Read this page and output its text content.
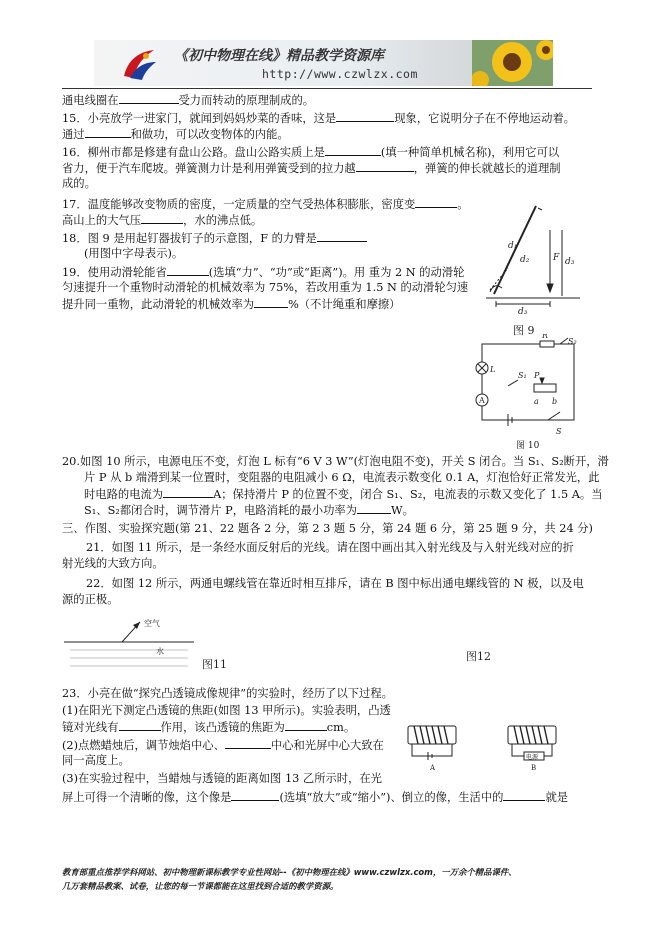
《初中物理在线》精品教学资源库
http://www.czwlzx.com
通电线圈在	受力而转动的原理制成的。
15．小亮放学一进家门，就闻到妈妈炒菜的香味，这是	现象，它说明分子在不停地运动着。
通过	和做功，可以改变物体的内能。
16．柳州市都是修建有盘山公路。盘山公路实质上是	(填一种简单机械名称)，利用它可以
省力，便于汽车爬坡。弹簧测力计是利用弹簧受到的拉力越	，弹簧的伸长就越长的道理制
成的。
17．温度能够改变物质的密度，一定质量的空气受热体积膨胀，密度变	。
高山上的大气压	，水的沸点低。
18．图 9 是用起钉器拔钉子的示意图，F 的力臂是
(用图中字母表示)。
19．使用动滑轮能省	(选填“力”、“功”或“距离”)。用 重为 2 N 的动滑轮
匀速提升一个重物时动滑轮的机械效率为 75%，若改用重为 1.5 N 的动滑轮匀速
提升同一重物，此动滑轮的机械效率为	%（不计绳重和摩擦）
d₁
d₂	F d₃
d₃
图 9 R
S₂
L
P
S₁
A	a b
S
图 10
20.如图 10 所示，电源电压不变，灯泡 L 标有“6 V 3 W”(灯泡电阻不变)，开关 S 闭合。当 S₁、S₂断开，滑
片 P 从 b 端滑到某一位置时，变阻器的电阻减小 6 Ω，电流表示数变化 0.1 A，灯泡恰好正常发光，此
时电路的电流为	A；保持滑片 P 的位置不变，闭合 S₁、S₂，电流表的示数又变化了 1.5 A。当
S₁、S₂都闭合时，调节滑片 P，电路消耗的最小功率为	W。
三、作图、实验探究题(第 21、22 题各 2 分，第 2 3 题 5 分，第 24 题 6 分，第 25 题 9 分，共 24 分)
21．如图 11 所示，是一条经水面反射后的光线。请在图中画出其入射光线及与入射光线对应的折
射光线的大致方向。
22．如图 12 所示，两通电螺线管在靠近时相互排斥，请在 B 图中标出通电螺线管的 N 极，以及电
源的正极。
空气
水
图11
图12
23．小亮在做“探究凸透镜成像规律”的实验时，经历了以下过程。
(1)在阳光下测定凸透镜的焦距(如图 13 甲所示)。实验表明，凸透
镜对光线有	作用，该凸透镜的焦距为	cm。
(2)点燃蜡烛后，调节烛焰中心、	中心和光屏中心大致在
同一高度上。
(3)在实验过程中，当蜡烛与透镜的距离如图 13 乙所示时，在光
屏上可得一个清晰的像，这个像是	(选填“放大”或“缩小”)、倒立的像，生活中的	就是
A	B
电源
教育部重点推荐学科网站、初中物理新课标教学专业性网站--《初中物理在线》www.czwlzx.com，一万余个精品课件、
几万套精品教案、试卷，让您的每一节课都能在这里找到合适的教学资源。
